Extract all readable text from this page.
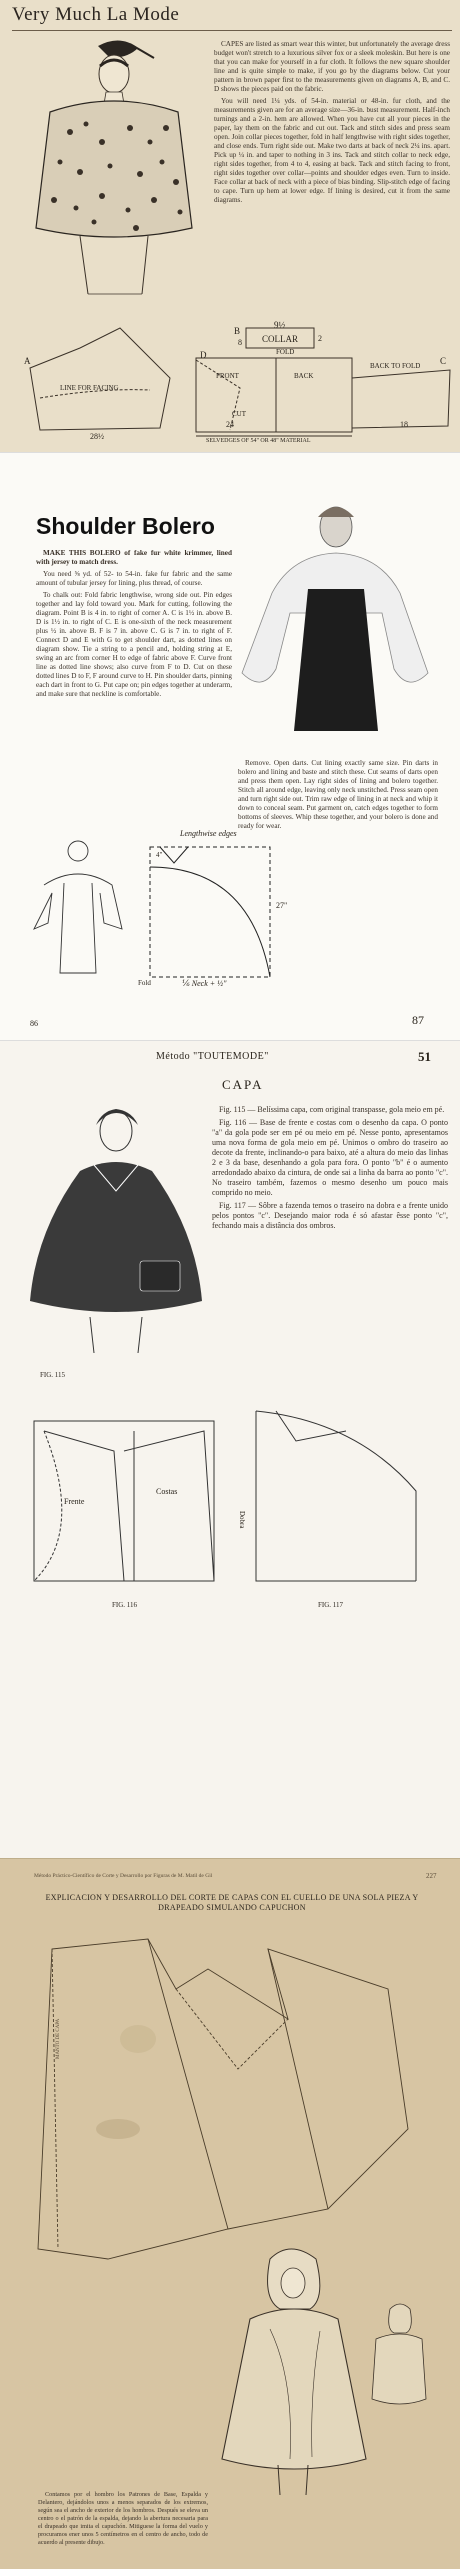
Very Much La Mode

CAPES are listed as smart wear this winter, but unfortunately the average dress budget won't stretch to a luxurious silver fox or a sleek moleskin. But here is one that you can make for yourself in a fur cloth. It follows the new square shoulder line and is quite simple to make, if you go by the diagrams below. Cut your pattern in brown paper first to the measurements given on diagrams A, B, and C. D shows the pieces paid on the fabric.

You will need 1¼ yds. of 54-in. material or 48-in. fur cloth, and the measurements given are for an average size—36-in. bust measurement. Half-inch turnings and a 2-in. hem are allowed. When you have cut all your pieces in the paper, lay them on the fabric and cut out. Tack and stitch sides and press seam open. Join collar pieces together, fold in half lengthwise with right sides together, and close ends. Turn right side out. Make two darts at back of neck 2¼ ins. apart. Pick up ¼ in. and taper to nothing in 3 ins. Tack and stitch collar to neck edge, right sides together, from 4 to 4, easing at back. Tack and stitch facing to front, right sides together over collar—points and shoulder edges even. Turn to inside. Face collar at back of neck with a piece of bias binding. Slip-stitch edge of facing to cape. Turn up hem at lower edge. If lining is desired, cut it from the same diagrams.

B
9½
8 COLLAR	2
FOLD
D
FRONT	BACK
BACK TO FOLD C
LINE FOR FACING
A
CUT
28½
24	18
SELVEDGES OF 54" OR 48" MATERIAL
Shoulder Bolero

MAKE THIS BOLERO of fake fur white krimmer, lined with jersey to match dress.

You need ⅝ yd. of 52- to 54-in. fake fur fabric and the same amount of tubular jersey for lining, plus thread, of course.

To chalk out: Fold fabric lengthwise, wrong side out. Pin edges together and lay fold toward you. Mark for cutting, following the diagram. Point B is 4 in. to right of corner A. C is 1½ in. above B. D is 1½ in. to right of C. E is one-sixth of the neck measurement plus ½ in. above B. F is 7 in. above C. G is 7 in. to right of F. Connect D and E with G to get shoulder dart, as dotted lines on diagram show. Tie a string to a pencil and, holding string at E, swing an arc from corner H to edge of fabric above F. Curve front line as dotted line shows; also curve from F to D. Cut on these dotted lines D to F, F around curve to H. Pin shoulder darts, pinning each dart in front to G. Put cape on; pin edges together at underarm, and make sure that neckline is comfortable.

Remove. Open darts. Cut lining exactly same size. Pin darts in bolero and lining and baste and stitch these. Cut seams of darts open and press them open. Lay right sides of lining and bolero together. Stitch all around edge, leaving only neck unstitched. Press seam open and turn right side out. Trim raw edge of lining in at neck and whip it down to conceal seam. Put garment on, catch edges together to form bottoms of sleeves. Whip these together, and your bolero is done and ready for wear.

Lengthwise edges
27"
4"
⅙ Neck + ½"
Fold
86	87
Método "TOUTEMODE"	51
CAPA
FIG. 115

Fig. 115 — Belíssima capa, com original transpasse, gola meio em pé.

Fig. 116 — Base de frente e costas com o desenho da capa. O ponto "a" da gola pode ser em pé ou meio em pé. Nesse ponto, apresentamos uma nova forma de gola meio em pé. Unimos o ombro do traseiro ao decote da frente, inclinando-o para baixo, até a altura do meio das linhas 2 e 3 da base, desenhando a gola para fora. O ponto "b" é o aumento arredondado abaixo da cintura, de onde sai a linha da barra ao ponto "c". No traseiro também, fazemos o mesmo desenho um pouco mais comprido no meio.

Fig. 117 — Sôbre a fazenda temos o traseiro na dobra e a frente unido pelos pontos "c". Desejando maior roda é só afastar êsse ponto "c", fechando mais a distância dos ombros.

Frente
Costas
FIG. 116
Dobra
FIG. 117
Método Práctico-Científico de Corte y Desarrollo por Figuras de M. Matil de Gil	227
EXPLICACION Y DESARROLLO DEL CORTE DE CAPAS CON EL CUELLO DE UNA SOLA PIEZA Y DRAPEADO SIMULANDO CAPUCHON
MANTO DE CAPA

Contamos por el hombro los Patrones de Base, Espalda y Delantero, dejándolos unos a menos separados de los extremos, según sea el ancho de exterior de los hombros. Después se eleva un centro o el patrón de la espalda, dejando la abertura necesaria para el drapeado que imita el capuchón. Mitiguese la forma del vuelo y procuramos ener unos 5 centímetros en el centro de ancho, todo de acuerdo al presente dibujo.
